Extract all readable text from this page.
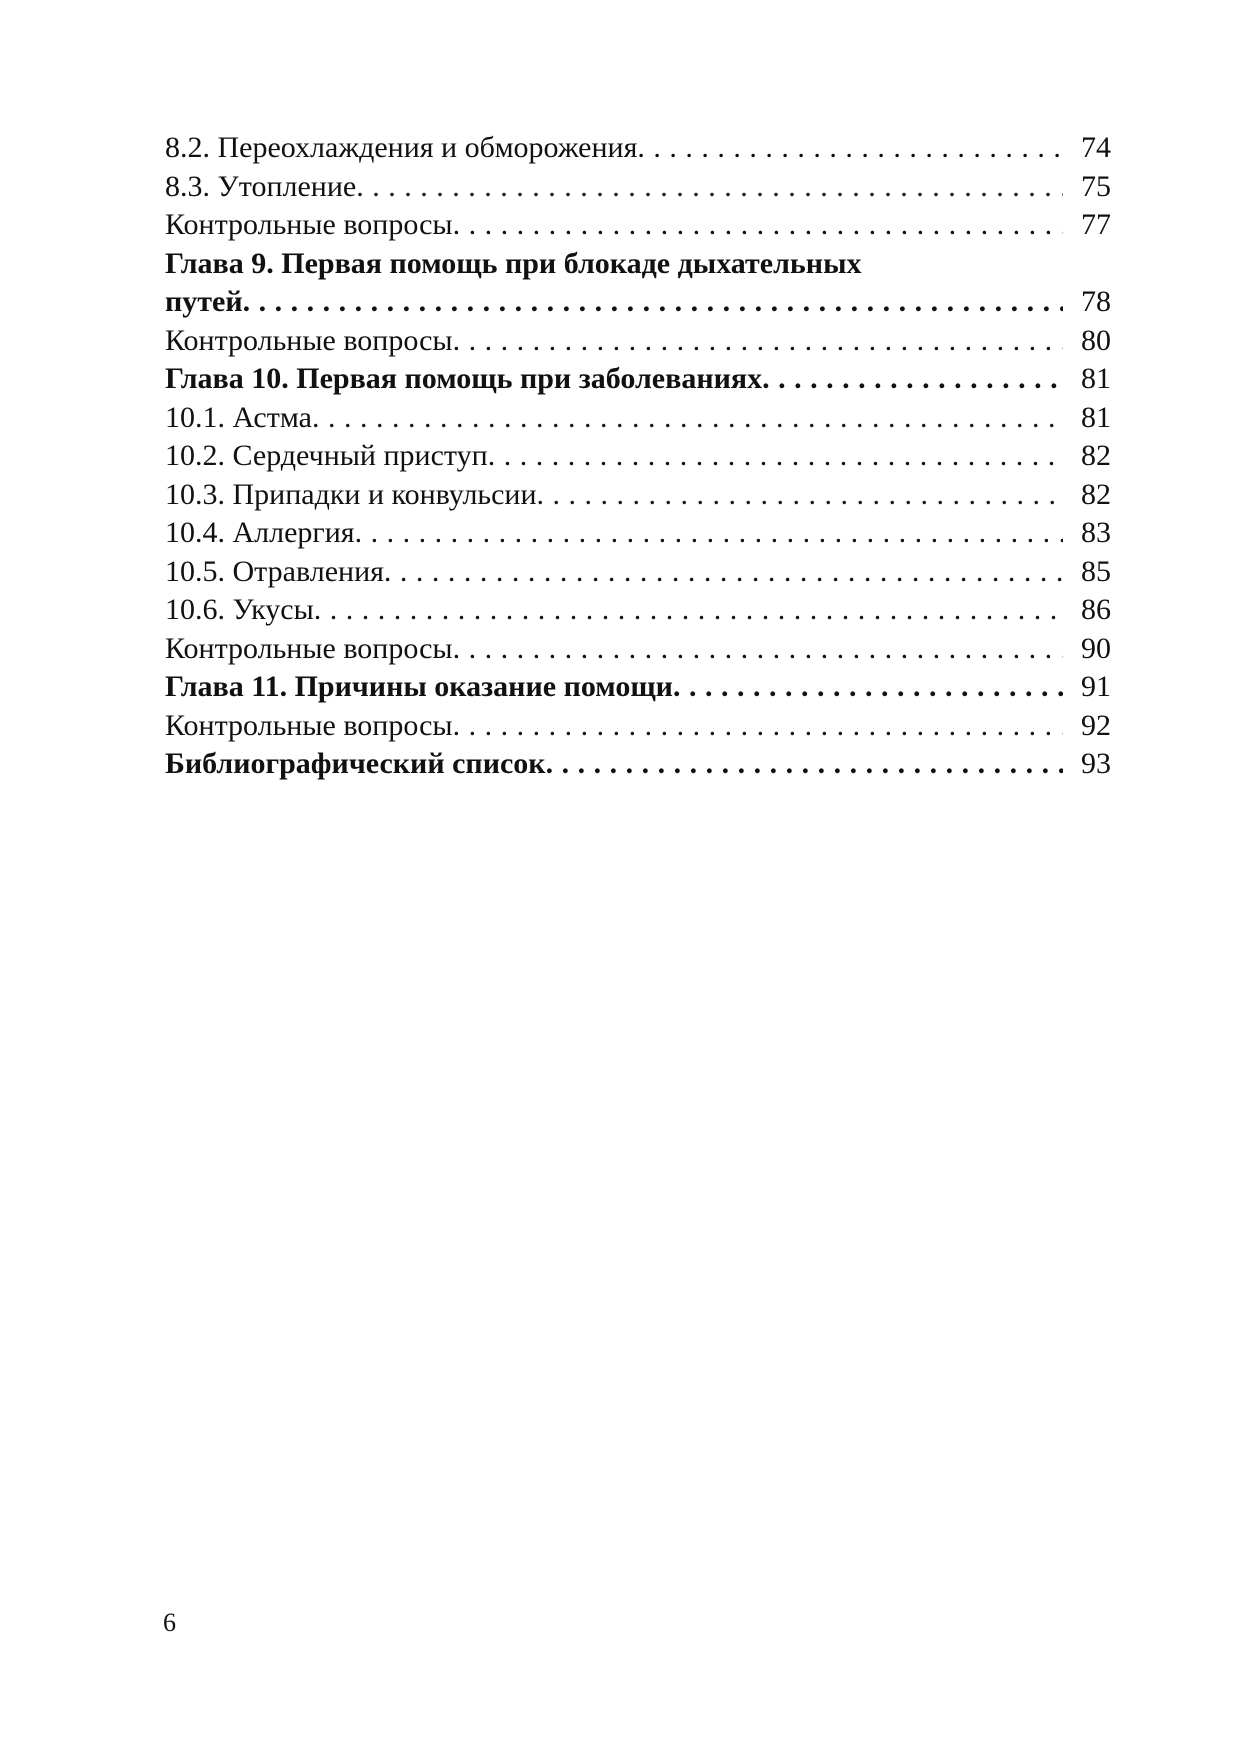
8.2. Переохлаждения и обморожения . . .	74
8.3. Утопление . . .	75
Контрольные вопросы . . .	77
Глава 9. Первая помощь при блокаде дыхательных
путей . . .	78
Контрольные вопросы . . .	80
Глава 10. Первая помощь при заболеваниях . . .	81
10.1. Астма . . .	81
10.2. Сердечный приступ . . .	82
10.3. Припадки и конвульсии . . .	82
10.4. Аллергия . . .	83
10.5. Отравления . . .	85
10.6. Укусы . . .	86
Контрольные вопросы . . .	90
Глава 11. Причины оказание помощи . . .	91
Контрольные вопросы . . .	92
Библиографический список . . .	93
6
